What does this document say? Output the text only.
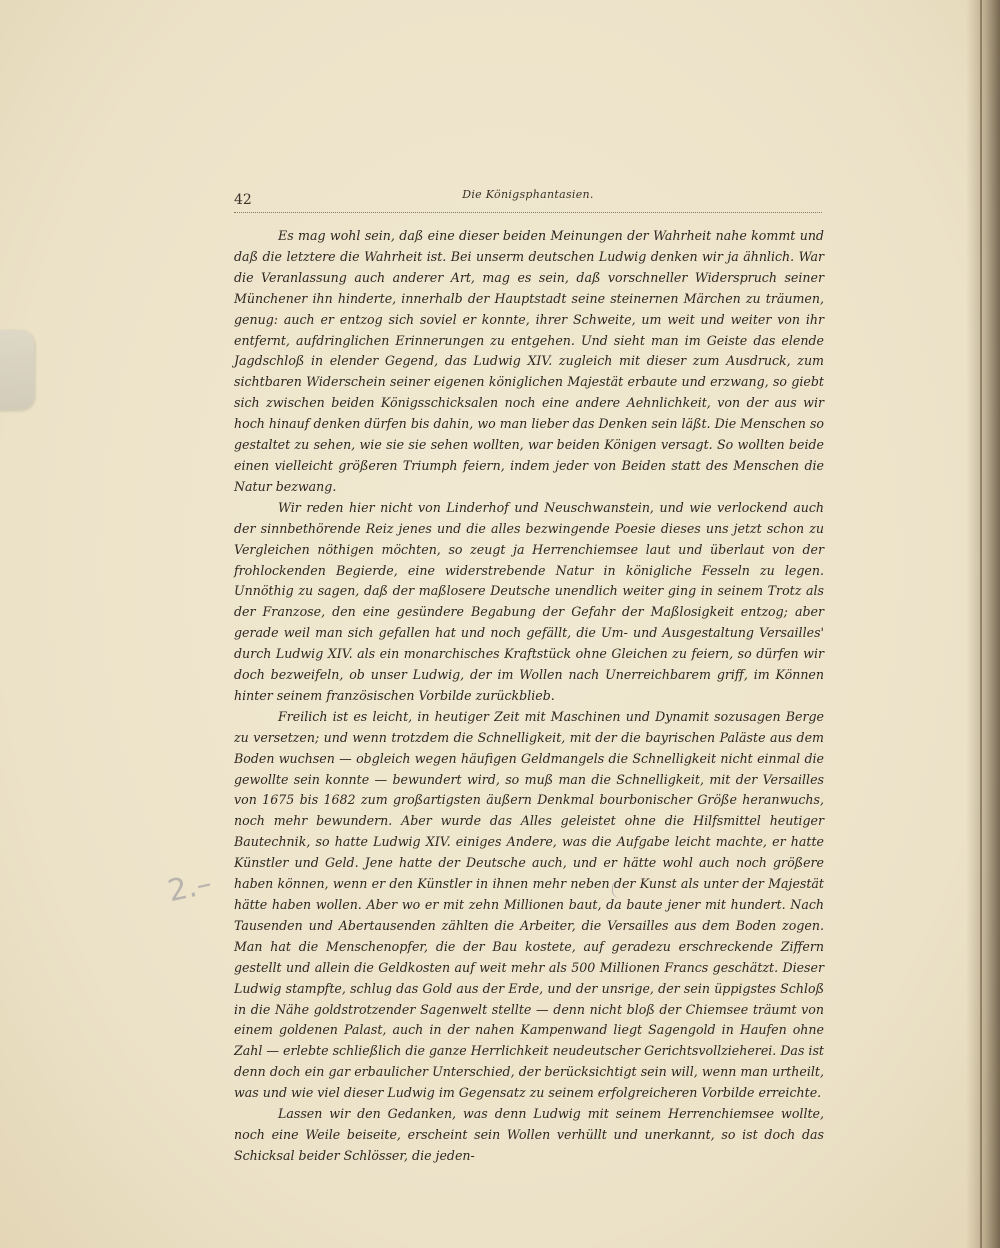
42	Die Königsphantasien.

Es mag wohl sein, daß eine dieser beiden Meinungen der Wahrheit nahe kommt und daß die letztere die Wahrheit ist. Bei unserm deutschen Ludwig denken wir ja ähnlich. War die Veranlassung auch anderer Art, mag es sein, daß vorschneller Widerspruch seiner Münchener ihn hinderte, innerhalb der Hauptstadt seine steinernen Märchen zu träumen, genug: auch er entzog sich soviel er konnte, ihrer Schweite, um weit und weiter von ihr entfernt, aufdringlichen Erinnerungen zu entgehen. Und sieht man im Geiste das elende Jagdschloß in elender Gegend, das Ludwig XIV. zugleich mit dieser zum Ausdruck, zum sichtbaren Widerschein seiner eigenen königlichen Majestät erbaute und erzwang, so giebt sich zwischen beiden Königsschicksalen noch eine andere Aehnlichkeit, von der aus wir hoch hinauf denken dürfen bis dahin, wo man lieber das Denken sein läßt. Die Menschen so gestaltet zu sehen, wie sie sie sehen wollten, war beiden Königen versagt. So wollten beide einen vielleicht größeren Triumph feiern, indem jeder von Beiden statt des Menschen die Natur bezwang.

Wir reden hier nicht von Linderhof und Neuschwanstein, und wie verlockend auch der sinnbethörende Reiz jenes und die alles bezwingende Poesie dieses uns jetzt schon zu Vergleichen nöthigen möchten, so zeugt ja Herrenchiemsee laut und überlaut von der frohlockenden Begierde, eine widerstrebende Natur in königliche Fesseln zu legen. Unnöthig zu sagen, daß der maßlosere Deutsche unendlich weiter ging in seinem Trotz als der Franzose, den eine gesündere Begabung der Gefahr der Maßlosigkeit entzog; aber gerade weil man sich gefallen hat und noch gefällt, die Um- und Ausgestaltung Versailles' durch Ludwig XIV. als ein monarchisches Kraftstück ohne Gleichen zu feiern, so dürfen wir doch bezweifeln, ob unser Ludwig, der im Wollen nach Unerreichbarem griff, im Können hinter seinem französischen Vorbilde zurückblieb.

Freilich ist es leicht, in heutiger Zeit mit Maschinen und Dynamit sozusagen Berge zu versetzen; und wenn trotzdem die Schnelligkeit, mit der die bayrischen Paläste aus dem Boden wuchsen — obgleich wegen häufigen Geldmangels die Schnelligkeit nicht einmal die gewollte sein konnte — bewundert wird, so muß man die Schnelligkeit, mit der Versailles von 1675 bis 1682 zum großartigsten äußern Denkmal bourbonischer Größe heranwuchs, noch mehr bewundern. Aber wurde das Alles geleistet ohne die Hilfsmittel heutiger Bautechnik, so hatte Ludwig XIV. einiges Andere, was die Aufgabe leicht machte, er hatte Künstler und Geld. Jene hatte der Deutsche auch, und er hätte wohl auch noch größere haben können, wenn er den Künstler in ihnen mehr neben der Kunst als unter der Majestät hätte haben wollen. Aber wo er mit zehn Millionen baut, da baute jener mit hundert. Nach Tausenden und Abertausenden zählten die Arbeiter, die Versailles aus dem Boden zogen. Man hat die Menschenopfer, die der Bau kostete, auf geradezu erschreckende Ziffern gestellt und allein die Geldkosten auf weit mehr als 500 Millionen Francs geschätzt. Dieser Ludwig stampfte, schlug das Gold aus der Erde, und der unsrige, der sein üppigstes Schloß in die Nähe goldstrotzender Sagenwelt stellte — denn nicht bloß der Chiemsee träumt von einem goldenen Palast, auch in der nahen Kampenwand liegt Sagengold in Haufen ohne Zahl — erlebte schließlich die ganze Herrlichkeit neudeutscher Gerichtsvollzieherei. Das ist denn doch ein gar erbaulicher Unterschied, der berücksichtigt sein will, wenn man urtheilt, was und wie viel dieser Ludwig im Gegensatz zu seinem erfolgreicheren Vorbilde erreichte.

Lassen wir den Gedanken, was denn Ludwig mit seinem Herrenchiemsee wollte, noch eine Weile beiseite, erscheint sein Wollen verhüllt und unerkannt, so ist doch das Schicksal beider Schlösser, die jeden-

2.–
